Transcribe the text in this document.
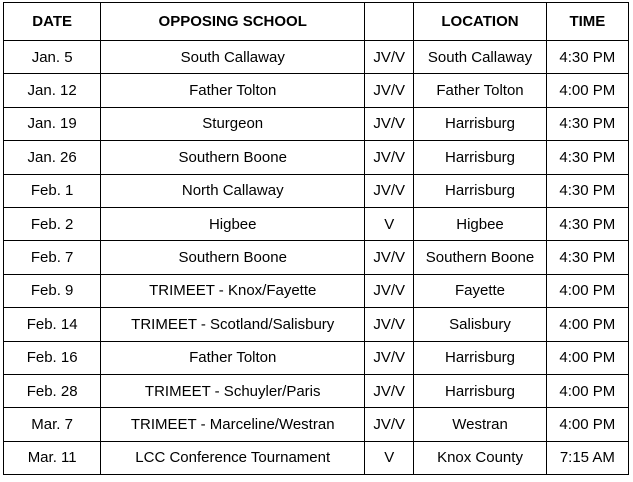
DATE	OPPOSING SCHOOL		LOCATION	TIME
Jan. 5	South Callaway	JV/V	South Callaway	4:30 PM
Jan. 12	Father Tolton	JV/V	Father Tolton	4:00 PM
Jan. 19	Sturgeon	JV/V	Harrisburg	4:30 PM
Jan. 26	Southern Boone	JV/V	Harrisburg	4:30 PM
Feb. 1	North Callaway	JV/V	Harrisburg	4:30 PM
Feb. 2	Higbee	V	Higbee	4:30 PM
Feb. 7	Southern Boone	JV/V	Southern Boone	4:30 PM
Feb. 9	TRIMEET - Knox/Fayette	JV/V	Fayette	4:00 PM
Feb. 14	TRIMEET - Scotland/Salisbury	JV/V	Salisbury	4:00 PM
Feb. 16	Father Tolton	JV/V	Harrisburg	4:00 PM
Feb. 28	TRIMEET - Schuyler/Paris	JV/V	Harrisburg	4:00 PM
Mar. 7	TRIMEET - Marceline/Westran	JV/V	Westran	4:00 PM
Mar. 11	LCC Conference Tournament	V	Knox County	7:15 AM
